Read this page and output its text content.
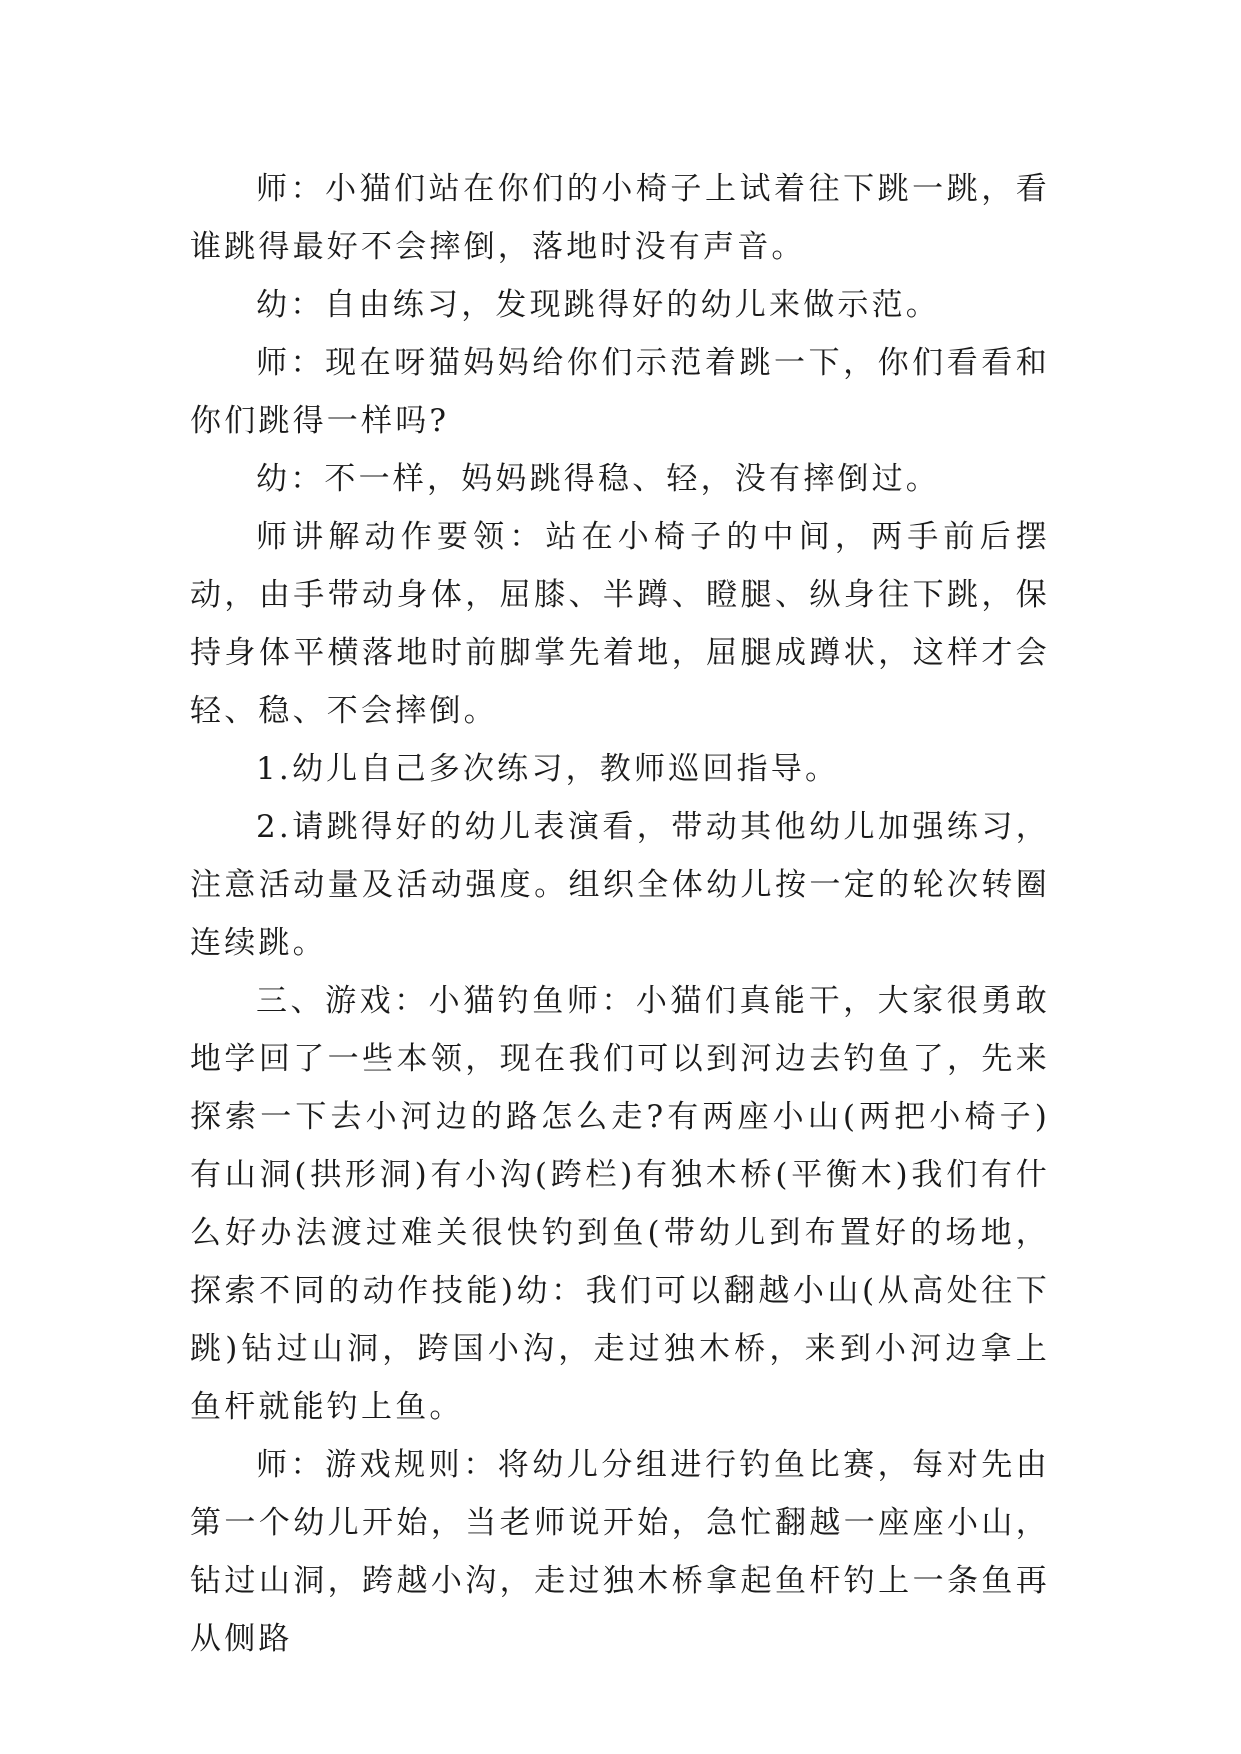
师：小猫们站在你们的小椅子上试着往下跳一跳，看谁跳得最好不会摔倒，落地时没有声音。

幼：自由练习，发现跳得好的幼儿来做示范。

师：现在呀猫妈妈给你们示范着跳一下，你们看看和你们跳得一样吗?

幼：不一样，妈妈跳得稳、轻，没有摔倒过。

师讲解动作要领：站在小椅子的中间，两手前后摆动，由手带动身体，屈膝、半蹲、瞪腿、纵身往下跳，保持身体平横落地时前脚掌先着地，屈腿成蹲状，这样才会轻、稳、不会摔倒。

1.幼儿自己多次练习，教师巡回指导。

2.请跳得好的幼儿表演看，带动其他幼儿加强练习，注意活动量及活动强度。组织全体幼儿按一定的轮次转圈连续跳。

三、游戏：小猫钓鱼师：小猫们真能干，大家很勇敢地学回了一些本领，现在我们可以到河边去钓鱼了，先来探索一下去小河边的路怎么走?有两座小山(两把小椅子)有山洞(拱形洞)有小沟(跨栏)有独木桥(平衡木)我们有什么好办法渡过难关很快钓到鱼(带幼儿到布置好的场地，探索不同的动作技能)幼：我们可以翻越小山(从高处往下跳)钻过山洞，跨国小沟，走过独木桥，来到小河边拿上鱼杆就能钓上鱼。

师：游戏规则：将幼儿分组进行钓鱼比赛，每对先由第一个幼儿开始，当老师说开始，急忙翻越一座座小山，钻过山洞，跨越小沟，走过独木桥拿起鱼杆钓上一条鱼再从侧路
